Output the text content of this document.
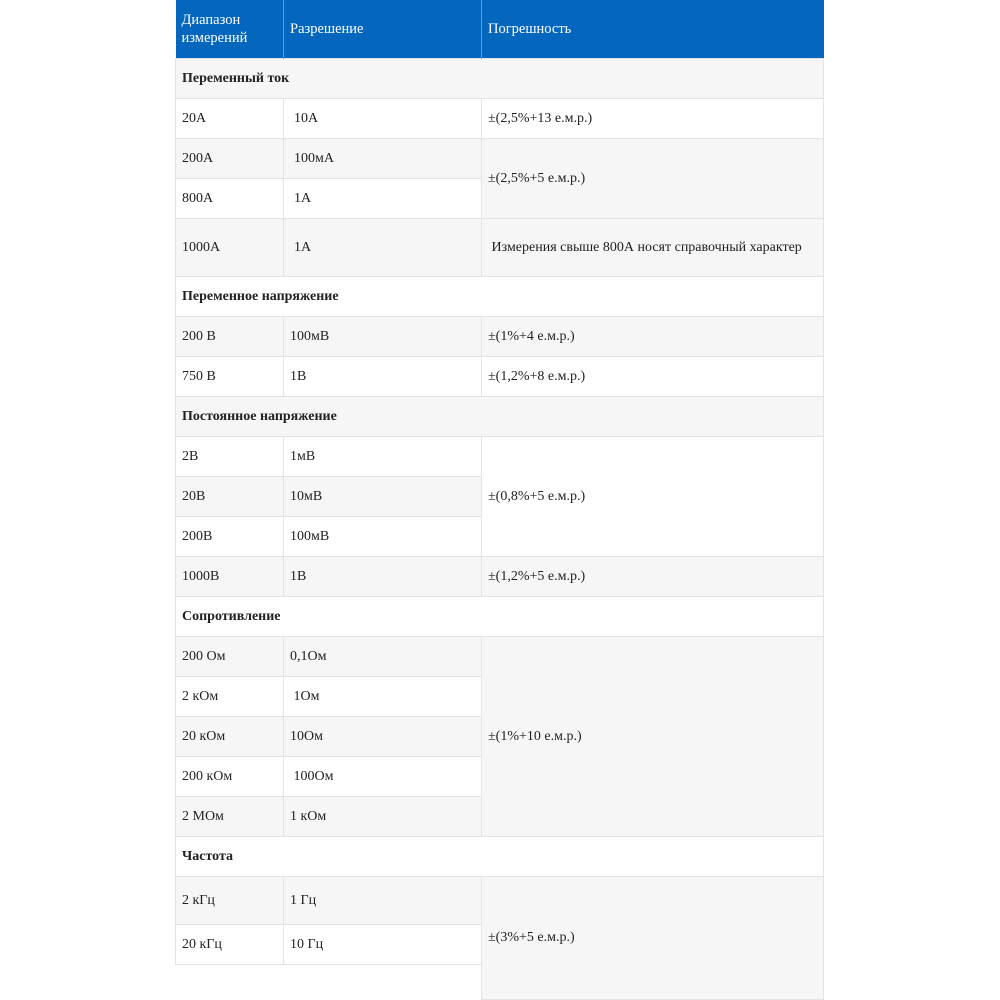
Диапазон измерений	Разрешение	Погрешность
Переменный ток		
20A	10A	±(2,5%+13 е.м.р.)
200A	100мА	±(2,5%+5 е.м.р.)
800A	1A	
1000A	1A	Измерения свыше 800А носят справочный характер
Переменное напряжение		
200 В	100мВ	±(1%+4 е.м.р.)
750 В	1В	±(1,2%+8 е.м.р.)
Постоянное напряжение		
2В	1мВ	±(0,8%+5 е.м.р.)
20В	10мВ	
200В	100мВ	
1000В	1В	±(1,2%+5 е.м.р.)
Сопротивление		
200 Ом	0,1Ом	±(1%+10 е.м.р.)
2 кОм	1Ом	
20 кОм	10Ом	
200 кОм	100Ом	
2 МОм	1 кОм	
Частота		
2 кГц	1 Гц	±(3%+5 е.м.р.)
20 кГц	10 Гц	
